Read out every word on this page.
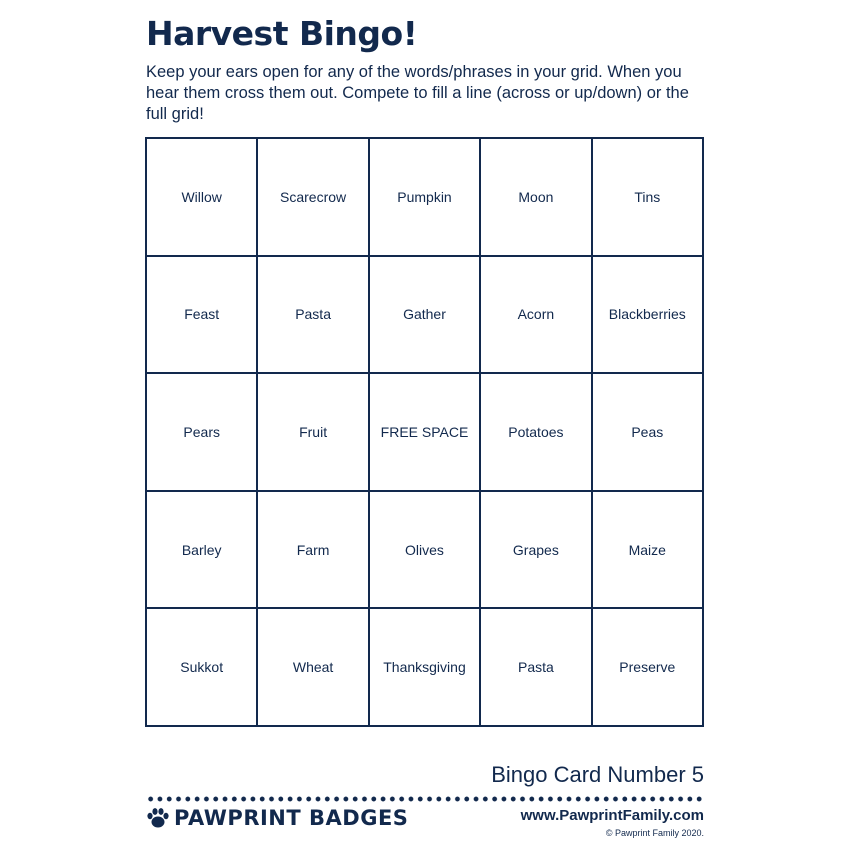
Harvest Bingo!
Keep your ears open for any of the words/phrases in your grid. When you hear them cross them out. Compete to fill a line (across or up/down) or the full grid!
Willow	Scarecrow	Pumpkin	Moon	Tins
Feast	Pasta	Gather	Acorn	Blackberries
Pears	Fruit	FREE SPACE	Potatoes	Peas
Barley	Farm	Olives	Grapes	Maize
Sukkot	Wheat	Thanksgiving	Pasta	Preserve
Bingo Card Number 5
PAWPRINT BADGES	www.PawprintFamily.com
© Pawprint Family 2020.
